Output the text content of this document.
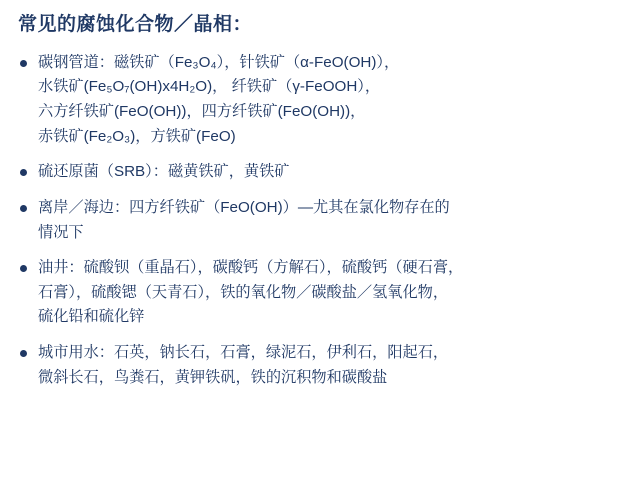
常见的腐蚀化合物／晶相：
碳钢管道：磁铁矿（Fe₃O₄），针铁矿（α-FeO(OH)），
水铁矿(Fe₅O₇(OH)x4H₂O)， 纤铁矿（γ-FeOOH），
六方纤铁矿(FeO(OH))，四方纤铁矿(FeO(OH))，
赤铁矿(Fe₂O₃)，方铁矿(FeO)
硫还原菌（SRB）：磁黄铁矿，黄铁矿
离岸／海边：四方纤铁矿（FeO(OH)）—尤其在氯化物存在的
情况下
油井：硫酸钡（重晶石），碳酸钙（方解石），硫酸钙（硬石膏，
石膏），硫酸锶（天青石），铁的氧化物／碳酸盐／氢氧化物，
硫化铅和硫化锌
城市用水：石英，钠长石，石膏，绿泥石，伊利石，阳起石，
微斜长石，鸟粪石，黄钾铁矾，铁的沉积物和碳酸盐
